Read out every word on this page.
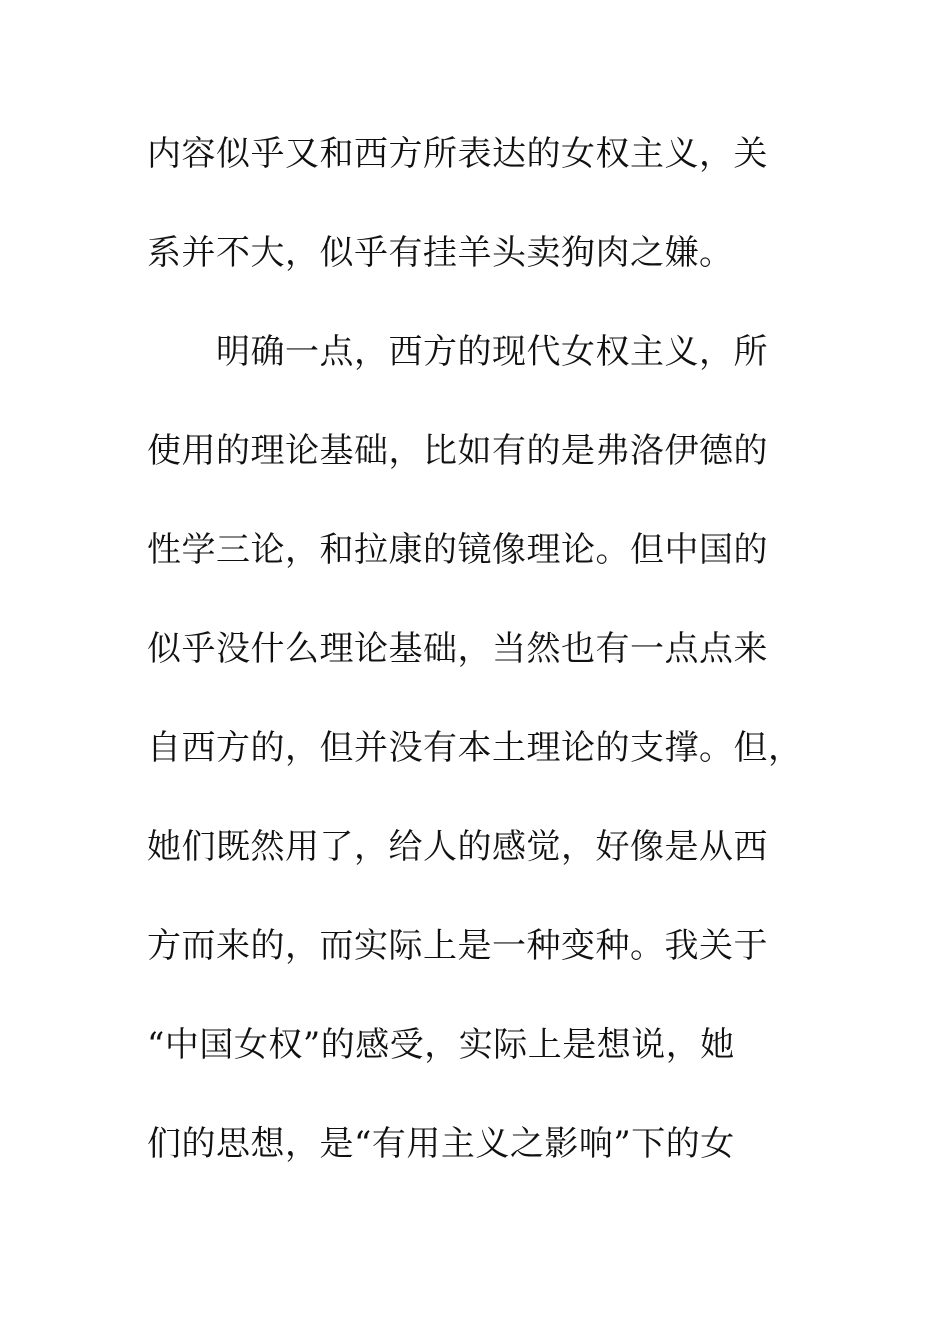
内容似乎又和西方所表达的女权主义，关
系并不大，似乎有挂羊头卖狗肉之嫌。
　　明确一点，西方的现代女权主义，所
使用的理论基础，比如有的是弗洛伊德的
性学三论，和拉康的镜像理论。但中国的
似乎没什么理论基础，当然也有一点点来
自西方的，但并没有本土理论的支撑。但，
她们既然用了，给人的感觉，好像是从西
方而来的，而实际上是一种变种。我关于
“中国女权”的感受，实际上是想说，她
们的思想，是“有用主义之影响”下的女
